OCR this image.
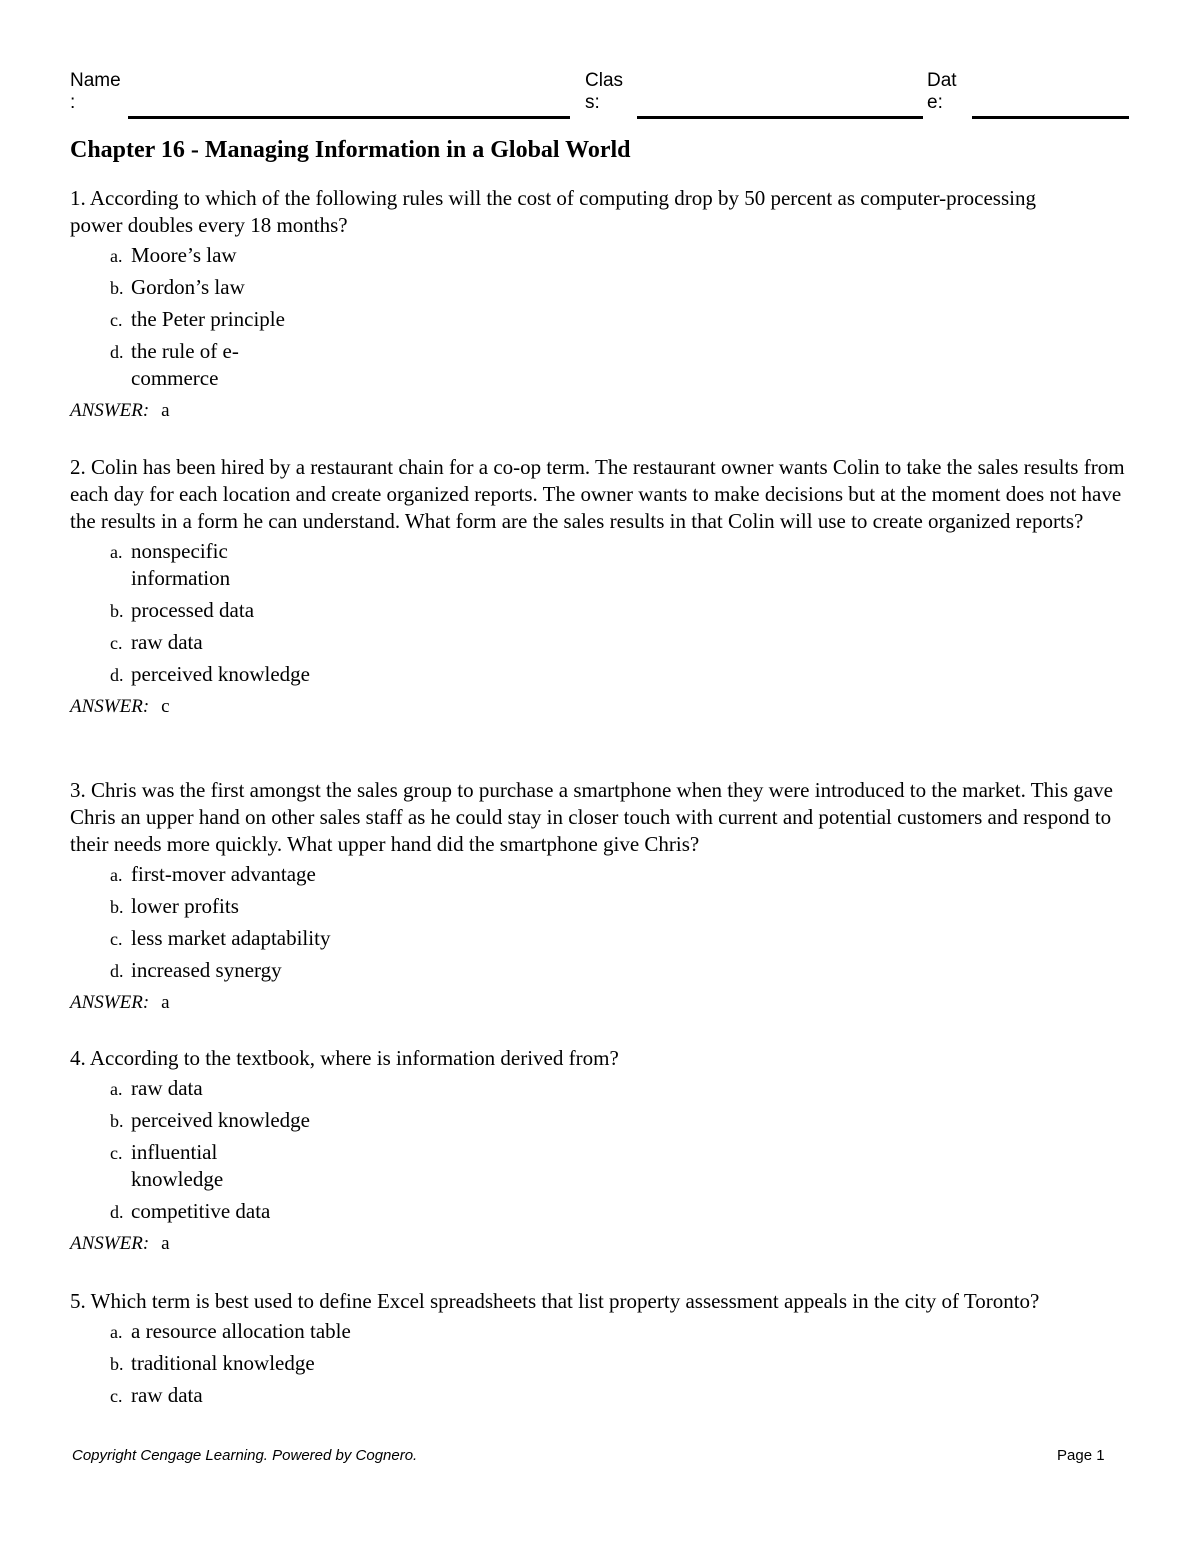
Name
:
Clas
s:
Dat
e:
Chapter 16 - Managing Information in a Global World

1. According to which of the following rules will the cost of computing drop by 50 percent as computer-processing power doubles every 18 months?

a. Moore’s law
b. Gordon’s law
c. the Peter principle
d. the rule of e-commerce
ANSWER: a

2. Colin has been hired by a restaurant chain for a co-op term. The restaurant owner wants Colin to take the sales results from each day for each location and create organized reports. The owner wants to make decisions but at the moment does not have the results in a form he can understand. What form are the sales results in that Colin will use to create organized reports?

a. nonspecific information
b. processed data
c. raw data
d. perceived knowledge
ANSWER: c

3. Chris was the first amongst the sales group to purchase a smartphone when they were introduced to the market. This gave Chris an upper hand on other sales staff as he could stay in closer touch with current and potential customers and respond to their needs more quickly. What upper hand did the smartphone give Chris?

a. first-mover advantage
b. lower profits
c. less market adaptability
d. increased synergy
ANSWER: a

4. According to the textbook, where is information derived from?

a. raw data
b. perceived knowledge
c. influential knowledge
d. competitive data
ANSWER: a

5. Which term is best used to define Excel spreadsheets that list property assessment appeals in the city of Toronto?

a. a resource allocation table
b. traditional knowledge
c. raw data
Copyright Cengage Learning. Powered by Cognero.	Page 1
